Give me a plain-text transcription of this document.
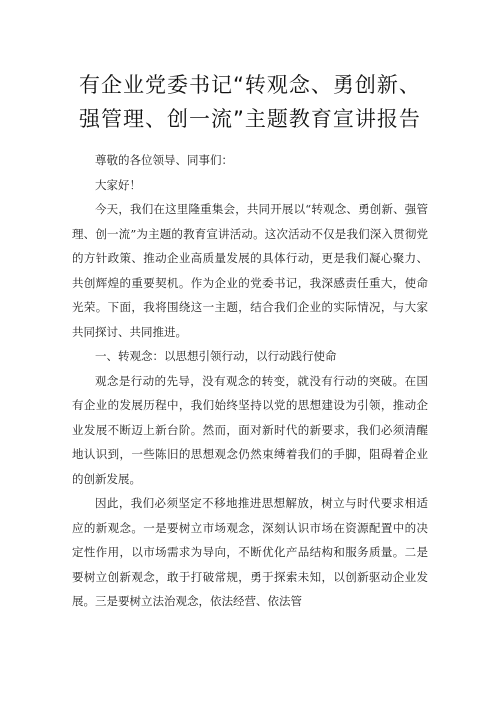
有企业党委书记“转观念、勇创新、强管理、创一流”主题教育宣讲报告

尊敬的各位领导、同事们：

大家好！

今天，我们在这里隆重集会，共同开展以“转观念、勇创新、强管理、创一流”为主题的教育宣讲活动。这次活动不仅是我们深入贯彻党的方针政策、推动企业高质量发展的具体行动，更是我们凝心聚力、共创辉煌的重要契机。作为企业的党委书记，我深感责任重大，使命光荣。下面，我将围绕这一主题，结合我们企业的实际情况，与大家共同探讨、共同推进。

一、转观念：以思想引领行动，以行动践行使命

观念是行动的先导，没有观念的转变，就没有行动的突破。在国有企业的发展历程中，我们始终坚持以党的思想建设为引领，推动企业发展不断迈上新台阶。然而，面对新时代的新要求，我们必须清醒地认识到，一些陈旧的思想观念仍然束缚着我们的手脚，阻碍着企业的创新发展。

因此，我们必须坚定不移地推进思想解放，树立与时代要求相适应的新观念。一是要树立市场观念，深刻认识市场在资源配置中的决定性作用，以市场需求为导向，不断优化产品结构和服务质量。二是要树立创新观念，敢于打破常规，勇于探索未知，以创新驱动企业发展。三是要树立法治观念，依法经营、依法管
